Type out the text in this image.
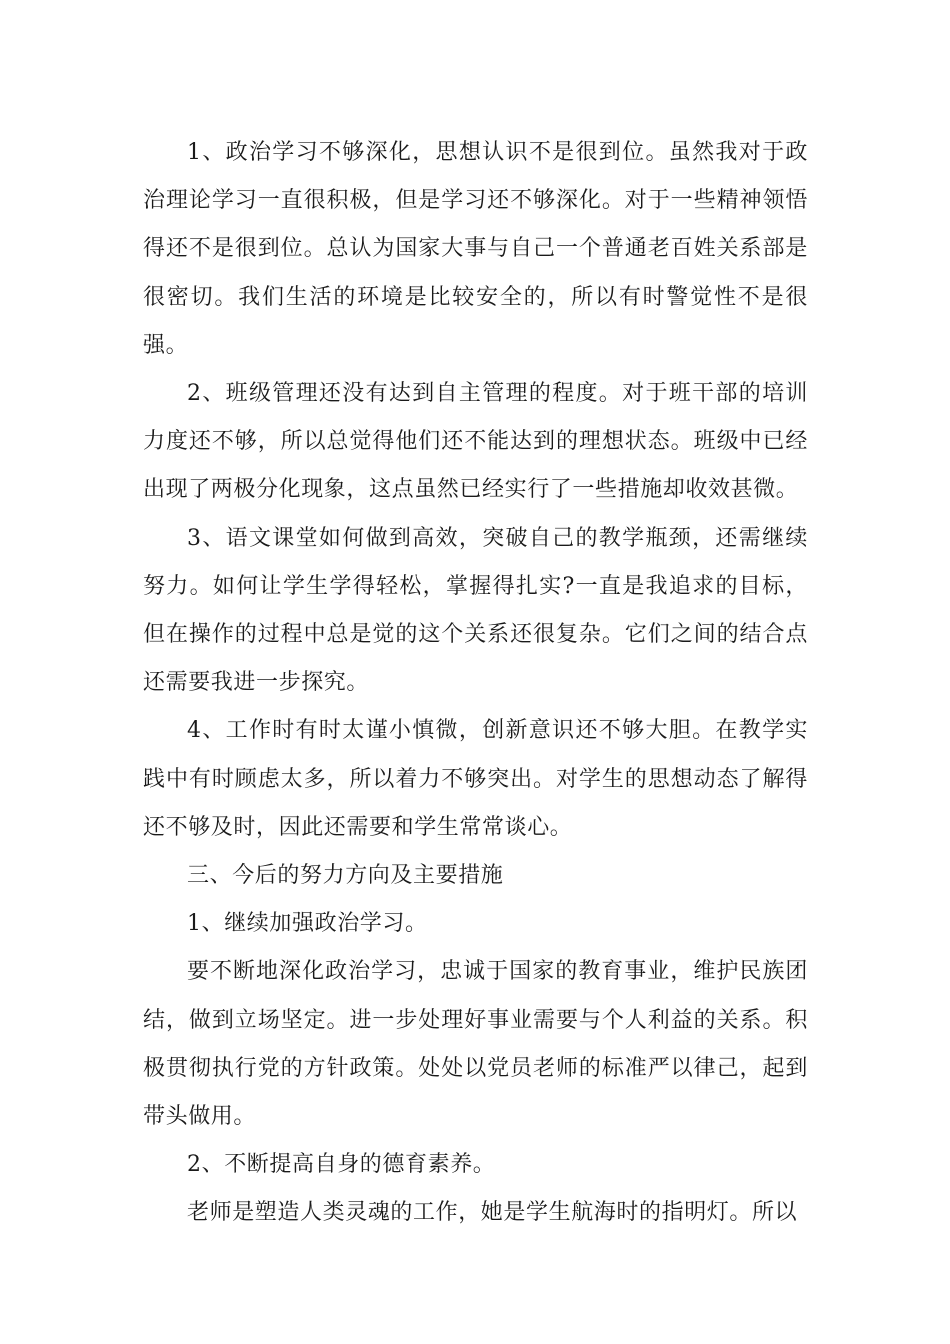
1、政治学习不够深化，思想认识不是很到位。虽然我对于政治理论学习一直很积极，但是学习还不够深化。对于一些精神领悟得还不是很到位。总认为国家大事与自己一个普通老百姓关系部是很密切。我们生活的环境是比较安全的，所以有时警觉性不是很强。

2、班级管理还没有达到自主管理的程度。对于班干部的培训力度还不够，所以总觉得他们还不能达到的理想状态。班级中已经出现了两极分化现象，这点虽然已经实行了一些措施却收效甚微。

3、语文课堂如何做到高效，突破自己的教学瓶颈，还需继续努力。如何让学生学得轻松，掌握得扎实?一直是我追求的目标，但在操作的过程中总是觉的这个关系还很复杂。它们之间的结合点还需要我进一步探究。

4、工作时有时太谨小慎微，创新意识还不够大胆。在教学实践中有时顾虑太多，所以着力不够突出。对学生的思想动态了解得还不够及时，因此还需要和学生常常谈心。

三、今后的努力方向及主要措施

1、继续加强政治学习。

要不断地深化政治学习，忠诚于国家的教育事业，维护民族团结，做到立场坚定。进一步处理好事业需要与个人利益的关系。积极贯彻执行党的方针政策。处处以党员老师的标准严以律己，起到带头做用。

2、不断提高自身的德育素养。

老师是塑造人类灵魂的工作，她是学生航海时的指明灯。所以
